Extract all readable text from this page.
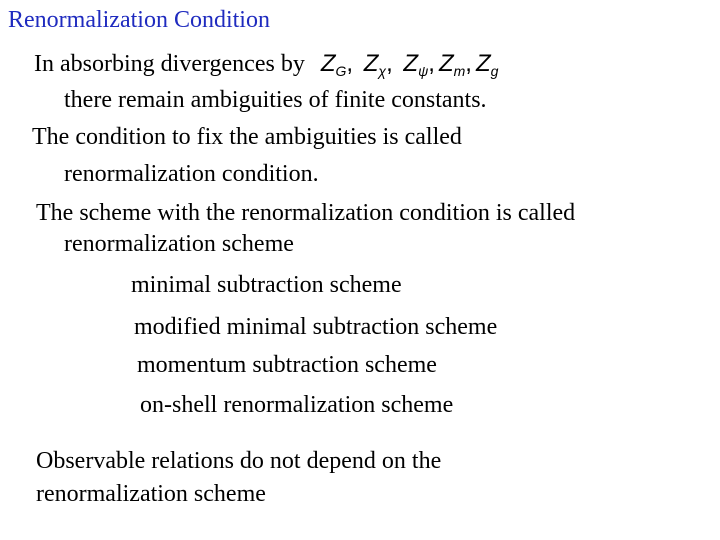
Renormalization Condition
In absorbing divergences by $Z_G$, $Z_\chi$, $Z_\psi$, $Z_m$, $Z_g$
there remain ambiguities of finite constants.
The condition to fix the ambiguities is called
renormalization condition.
The scheme with the renormalization condition is called
renormalization scheme
minimal subtraction scheme
modified minimal subtraction scheme
momentum subtraction scheme
on-shell renormalization scheme
Observable relations do not depend on the
renormalization scheme
